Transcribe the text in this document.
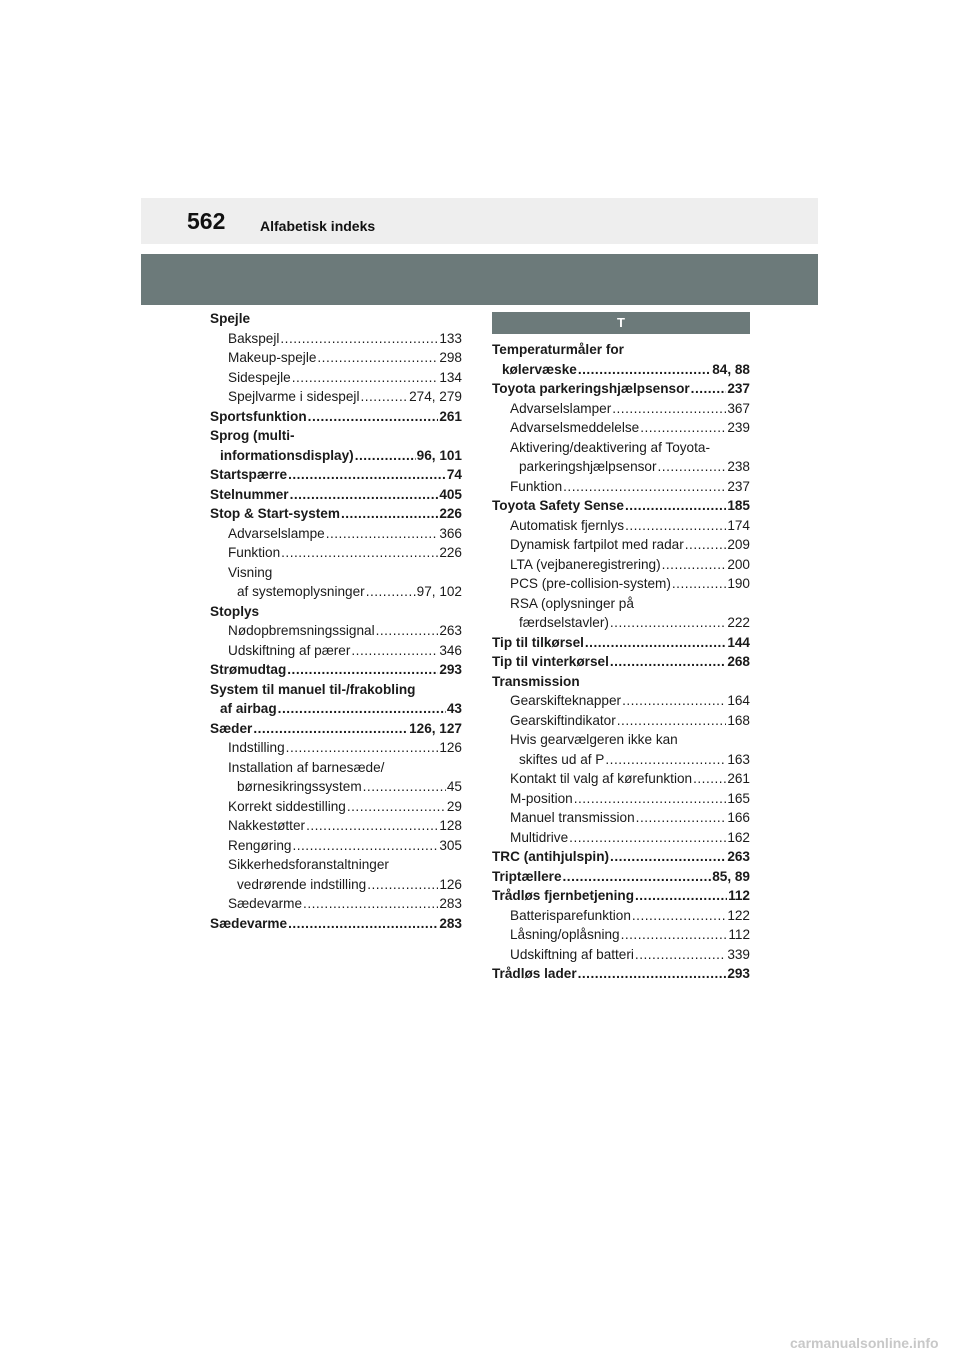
562 Alfabetisk indeks
Spejle
Bakspejl .....	133
Makeup-spejle .....	298
Sidespejle .....	134
Spejlvarme i sidespejl .....	274, 279
Sportsfunktion .....	261
Sprog (multi-
informationsdisplay) .....	96, 101
Startspærre .....	74
Stelnummer .....	405
Stop & Start-system .....	226
Advarselslampe .....	366
Funktion .....	226
Visning
af systemoplysninger .....	97, 102
Stoplys
Nødopbremsningssignal .....	263
Udskiftning af pærer .....	346
Strømudtag .....	293
System til manuel til-/frakobling
af airbag .....	43
Sæder .....	126, 127
Indstilling .....	126
Installation af barnesæde/
børnesikringssystem .....	45
Korrekt siddestilling .....	29
Nakkestøtter .....	128
Rengøring .....	305
Sikkerhedsforanstaltninger
vedrørende indstilling .....	126
Sædevarme .....	283
Sædevarme .....	283
T
Temperaturmåler for
kølervæske .....	84, 88
Toyota parkeringshjælpsensor .....	237
Advarselslamper .....	367
Advarselsmeddelelse .....	239
Aktivering/deaktivering af Toyota-
parkeringshjælpsensor .....	238
Funktion .....	237
Toyota Safety Sense .....	185
Automatisk fjernlys .....	174
Dynamisk fartpilot med radar .....	209
LTA (vejbaneregistrering) .....	200
PCS (pre-collision-system) .....	190
RSA (oplysninger på
færdselstavler) .....	222
Tip til tilkørsel .....	144
Tip til vinterkørsel .....	268
Transmission
Gearskifteknapper .....	164
Gearskiftindikator .....	168
Hvis gearvælgeren ikke kan
skiftes ud af P .....	163
Kontakt til valg af kørefunktion .....	261
M-position .....	165
Manuel transmission .....	166
Multidrive .....	162
TRC (antihjulspin) .....	263
Triptællere .....	85, 89
Trådløs fjernbetjening .....	112
Batterisparefunktion .....	122
Låsning/oplåsning .....	112
Udskiftning af batteri .....	339
Trådløs lader .....	293
carmanualsonline.info
